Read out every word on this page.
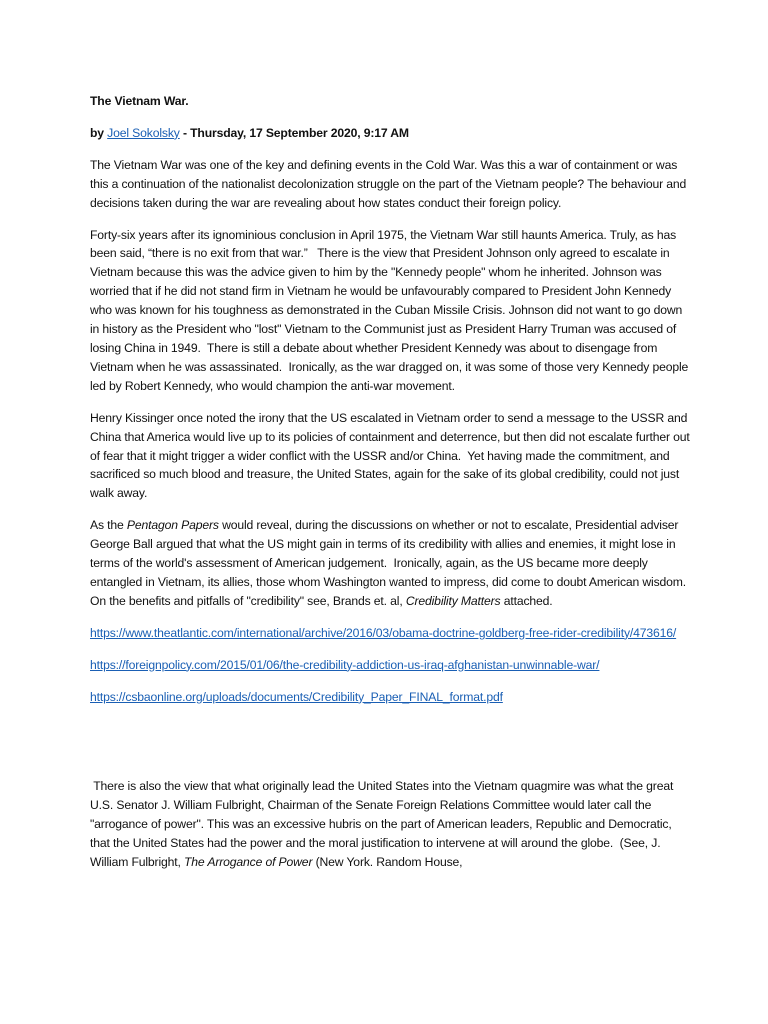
The Vietnam War.
by Joel Sokolsky - Thursday, 17 September 2020, 9:17 AM

The Vietnam War was one of the key and defining events in the Cold War. Was this a war of containment or was this a continuation of the nationalist decolonization struggle on the part of the Vietnam people? The behaviour and decisions taken during the war are revealing about how states conduct their foreign policy.

Forty-six years after its ignominious conclusion in April 1975, the Vietnam War still haunts America. Truly, as has been said, “there is no exit from that war.”   There is the view that President Johnson only agreed to escalate in Vietnam because this was the advice given to him by the "Kennedy people" whom he inherited. Johnson was worried that if he did not stand firm in Vietnam he would be unfavourably compared to President John Kennedy who was known for his toughness as demonstrated in the Cuban Missile Crisis. Johnson did not want to go down in history as the President who "lost" Vietnam to the Communist just as President Harry Truman was accused of losing China in 1949.  There is still a debate about whether President Kennedy was about to disengage from Vietnam when he was assassinated.  Ironically, as the war dragged on, it was some of those very Kennedy people led by Robert Kennedy, who would champion the anti-war movement.

Henry Kissinger once noted the irony that the US escalated in Vietnam order to send a message to the USSR and China that America would live up to its policies of containment and deterrence, but then did not escalate further out of fear that it might trigger a wider conflict with the USSR and/or China.  Yet having made the commitment, and sacrificed so much blood and treasure, the United States, again for the sake of its global credibility, could not just walk away.

As the Pentagon Papers would reveal, during the discussions on whether or not to escalate, Presidential adviser George Ball argued that what the US might gain in terms of its credibility with allies and enemies, it might lose in terms of the world's assessment of American judgement.  Ironically, again, as the US became more deeply entangled in Vietnam, its allies, those whom Washington wanted to impress, did come to doubt American wisdom. On the benefits and pitfalls of "credibility" see, Brands et. al, Credibility Matters attached.

https://www.theatlantic.com/international/archive/2016/03/obama-doctrine-goldberg-free-rider-credibility/473616/

https://foreignpolicy.com/2015/01/06/the-credibility-addiction-us-iraq-afghanistan-unwinnable-war/

https://csbaonline.org/uploads/documents/Credibility_Paper_FINAL_format.pdf

There is also the view that what originally lead the United States into the Vietnam quagmire was what the great U.S. Senator J. William Fulbright, Chairman of the Senate Foreign Relations Committee would later call the "arrogance of power". This was an excessive hubris on the part of American leaders, Republic and Democratic, that the United States had the power and the moral justification to intervene at will around the globe.  (See, J. William Fulbright, The Arrogance of Power (New York. Random House,
